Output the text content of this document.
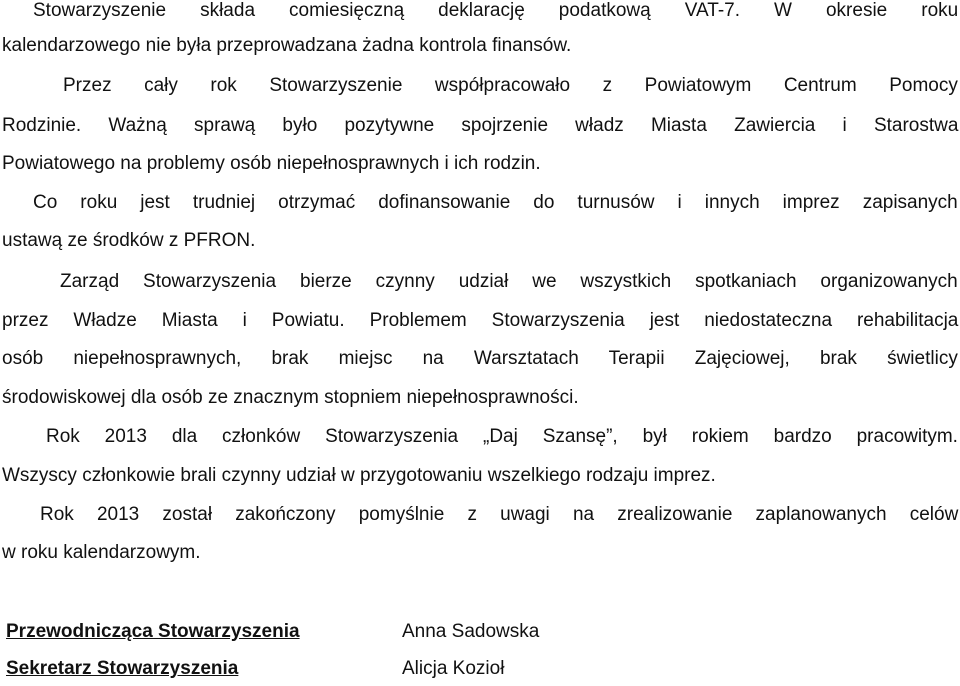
Stowarzyszenie składa comiesięczną deklarację podatkową VAT-7. W okresie roku
kalendarzowego nie była przeprowadzana żadna kontrola finansów.
Przez cały rok Stowarzyszenie współpracowało z Powiatowym Centrum Pomocy
Rodzinie. Ważną sprawą było pozytywne spojrzenie władz Miasta Zawiercia i Starostwa
Powiatowego na problemy osób niepełnosprawnych i ich rodzin.
Co roku jest trudniej otrzymać dofinansowanie do turnusów i innych imprez zapisanych
ustawą ze środków z PFRON.
Zarząd Stowarzyszenia bierze czynny udział we wszystkich spotkaniach organizowanych
przez Władze Miasta i Powiatu. Problemem Stowarzyszenia jest niedostateczna rehabilitacja
osób niepełnosprawnych, brak miejsc na Warsztatach Terapii Zajęciowej, brak świetlicy
środowiskowej dla osób ze znacznym stopniem niepełnosprawności.
Rok 2013 dla członków Stowarzyszenia „Daj Szansę”, był rokiem bardzo pracowitym.
Wszyscy członkowie brali czynny udział w przygotowaniu wszelkiego rodzaju imprez.
Rok 2013 został zakończony pomyślnie z uwagi na zrealizowanie zaplanowanych celów
w roku kalendarzowym.
Przewodnicząca Stowarzyszenia	Anna Sadowska
Sekretarz Stowarzyszenia	Alicja Kozioł
